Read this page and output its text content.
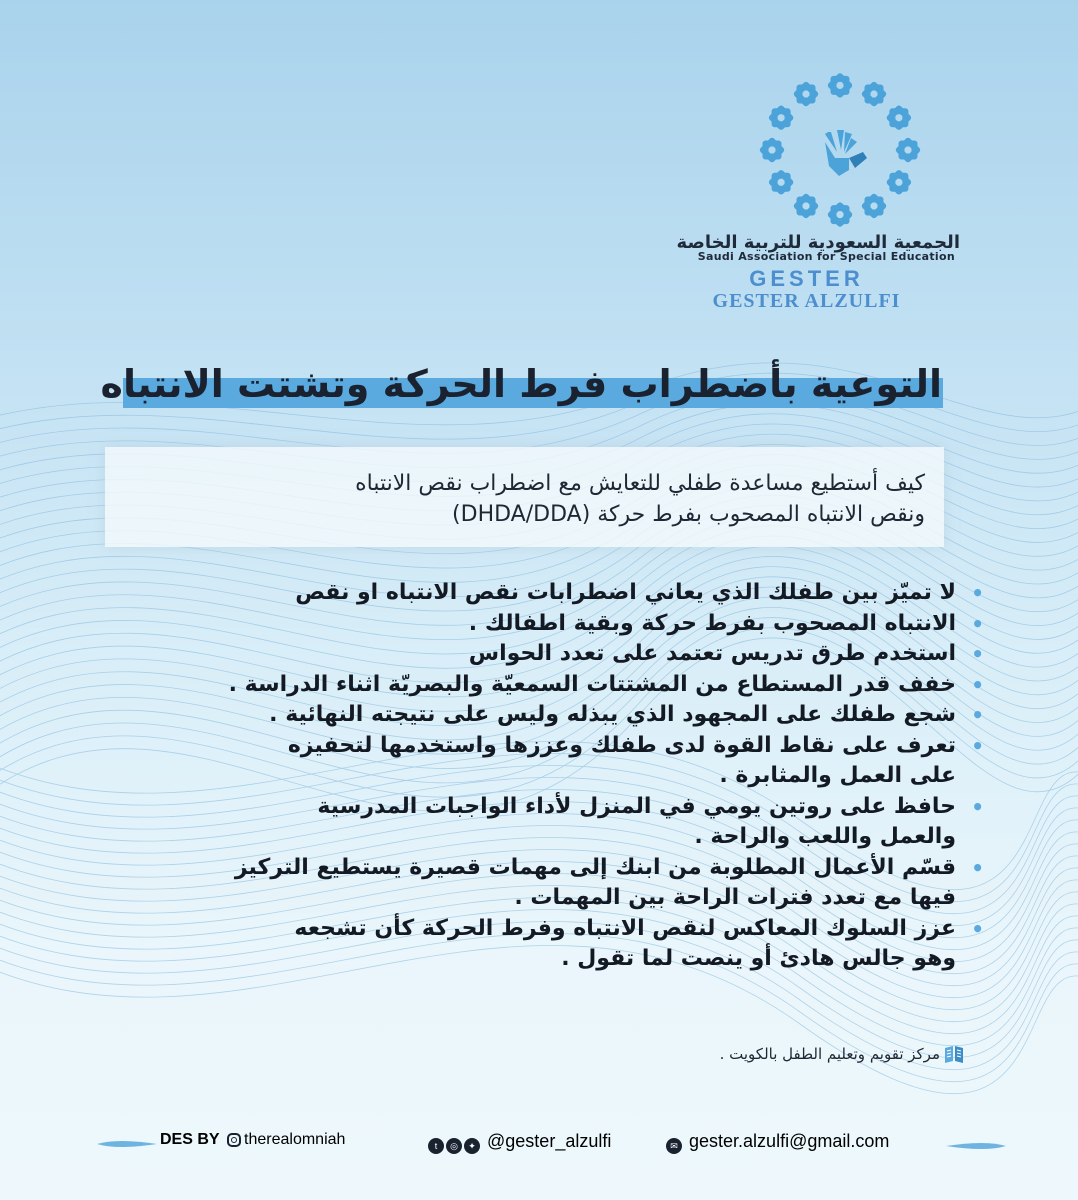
الجمعية السعودية للتربية الخاصة
Saudi Association for Special Education
GESTER
GESTER ALZULFI
التوعية بأضطراب فرط الحركة وتشتت الانتباه
كيف أستطيع مساعدة طفلي للتعايش مع اضطراب نقص الانتباه
ونقص الانتباه المصحوب بفرط حركة (DHDA/DDA)
• لا تميّز بين طفلك الذي يعاني اضطرابات نقص الانتباه او نقص
• الانتباه المصحوب بفرط حركة وبقية اطفالك .
• استخدم طرق تدريس تعتمد على تعدد الحواس
• خفف قدر المستطاع من المشتتات السمعيّة والبصريّة اثناء الدراسة .
• شجع طفلك على المجهود الذي يبذله وليس على نتيجته النهائية .
• تعرف على نقاط القوة لدى طفلك وعززها واستخدمها لتحفيزه
على العمل والمثابرة .
• حافظ على روتين يومي في المنزل لأداء الواجبات المدرسية
والعمل واللعب والراحة .
• قسّم الأعمال المطلوبة من ابنك إلى مهمات قصيرة يستطيع التركيز
فيها مع تعدد فترات الراحة بين المهمات .
• عزز السلوك المعاكس لنقص الانتباه وفرط الحركة كأن تشجعه
وهو جالس هادئ أو ينصت لما تقول .
مركز تقويم وتعليم الطفل بالكويت .
DES BY therealomniah	t ◎ ✦ @gester_alzulfi	✉ gester.alzulfi@gmail.com
